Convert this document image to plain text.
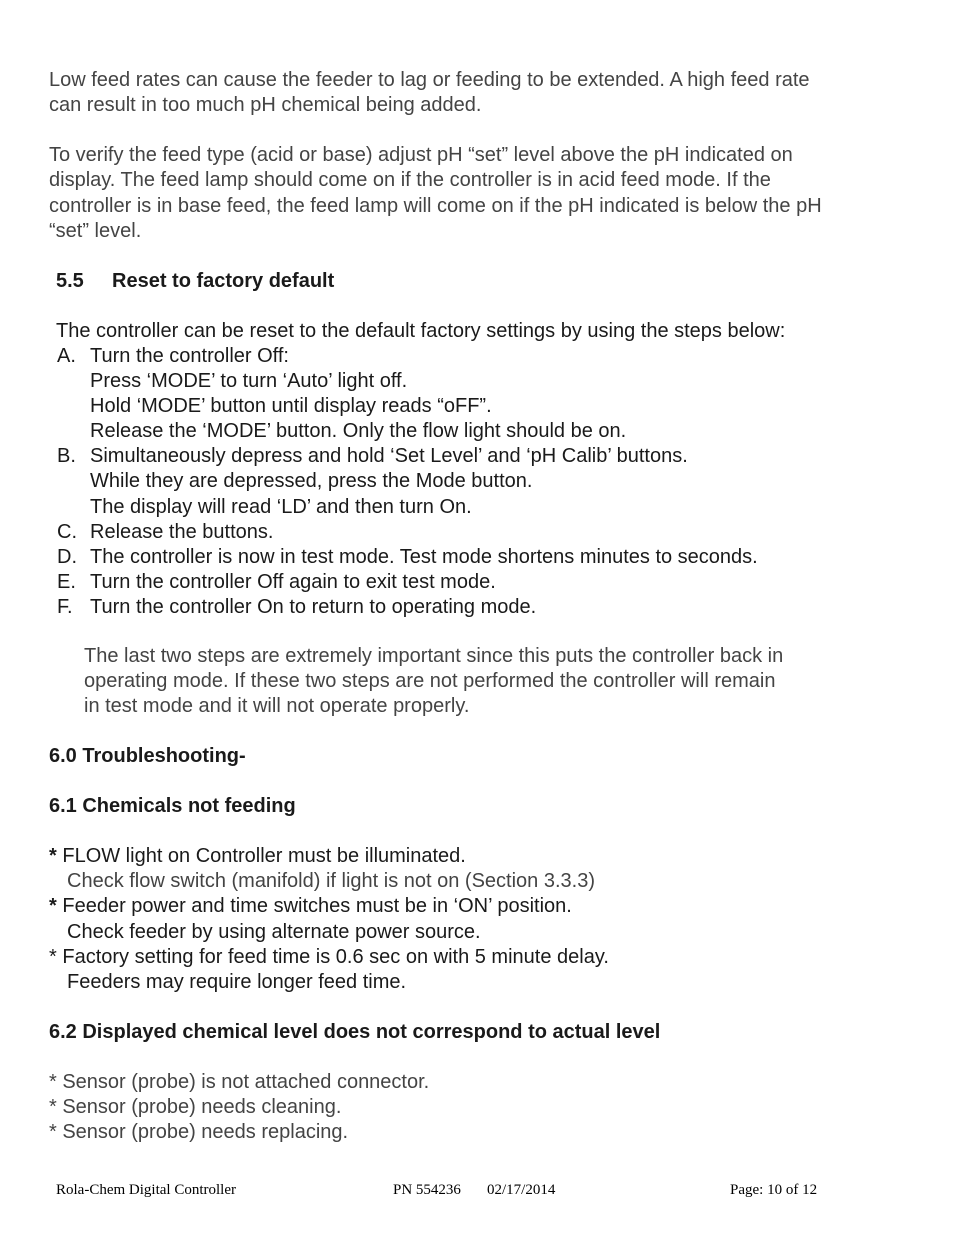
Low feed rates can cause the feeder to lag or feeding to be extended. A high feed rate
can result in too much pH chemical being added.
To verify the feed type (acid or base) adjust pH “set” level above the pH indicated on
display. The feed lamp should come on if the controller is in acid feed mode. If the
controller is in base feed, the feed lamp will come on if the pH indicated is below the pH
“set” level.
5.5 Reset to factory default
The controller can be reset to the default factory settings by using the steps below:
A. Turn the controller Off:
Press ‘MODE’ to turn ‘Auto’ light off.
Hold ‘MODE’ button until display reads “oFF”.
Release the ‘MODE’ button. Only the flow light should be on.
B. Simultaneously depress and hold ‘Set Level’ and ‘pH Calib’ buttons.
While they are depressed, press the Mode button.
The display will read ‘LD’ and then turn On.
C. Release the buttons.
D. The controller is now in test mode. Test mode shortens minutes to seconds.
E. Turn the controller Off again to exit test mode.
F. Turn the controller On to return to operating mode.
The last two steps are extremely important since this puts the controller back in
operating mode. If these two steps are not performed the controller will remain
in test mode and it will not operate properly.
6.0 Troubleshooting-
6.1 Chemicals not feeding
* FLOW light on Controller must be illuminated.
Check flow switch (manifold) if light is not on (Section 3.3.3)
* Feeder power and time switches must be in ‘ON’ position.
Check feeder by using alternate power source.
* Factory setting for feed time is 0.6 sec on with 5 minute delay.
Feeders may require longer feed time.
6.2 Displayed chemical level does not correspond to actual level
* Sensor (probe) is not attached connector.
* Sensor (probe) needs cleaning.
* Sensor (probe) needs replacing.
Rola-Chem Digital Controller	PN 554236 02/17/2014	Page: 10 of 12
